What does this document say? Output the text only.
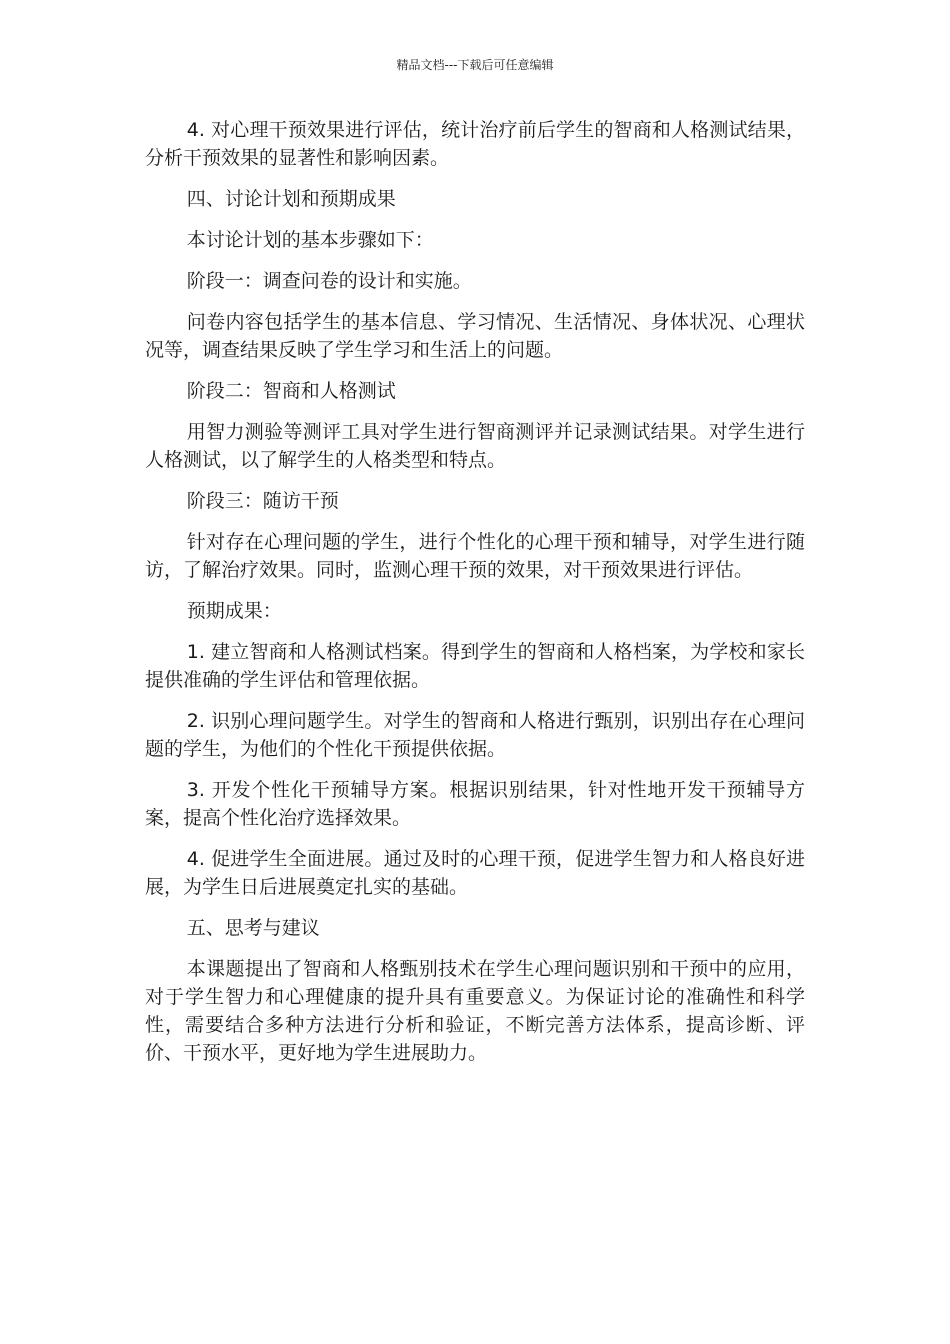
精品文档---下载后可任意编辑

4. 对心理干预效果进行评估，统计治疗前后学生的智商和人格测试结果，分析干预效果的显著性和影响因素。

四、讨论计划和预期成果

本讨论计划的基本步骤如下：

阶段一：调查问卷的设计和实施。

问卷内容包括学生的基本信息、学习情况、生活情况、身体状况、心理状况等，调查结果反映了学生学习和生活上的问题。

阶段二：智商和人格测试

用智力测验等测评工具对学生进行智商测评并记录测试结果。对学生进行人格测试，以了解学生的人格类型和特点。

阶段三：随访干预

针对存在心理问题的学生，进行个性化的心理干预和辅导，对学生进行随访，了解治疗效果。同时，监测心理干预的效果，对干预效果进行评估。

预期成果：

1. 建立智商和人格测试档案。得到学生的智商和人格档案，为学校和家长提供准确的学生评估和管理依据。

2. 识别心理问题学生。对学生的智商和人格进行甄别，识别出存在心理问题的学生，为他们的个性化干预提供依据。

3. 开发个性化干预辅导方案。根据识别结果，针对性地开发干预辅导方案，提高个性化治疗选择效果。

4. 促进学生全面进展。通过及时的心理干预，促进学生智力和人格良好进展，为学生日后进展奠定扎实的基础。

五、思考与建议

本课题提出了智商和人格甄别技术在学生心理问题识别和干预中的应用，对于学生智力和心理健康的提升具有重要意义。为保证讨论的准确性和科学性，需要结合多种方法进行分析和验证，不断完善方法体系，提高诊断、评价、干预水平，更好地为学生进展助力。
